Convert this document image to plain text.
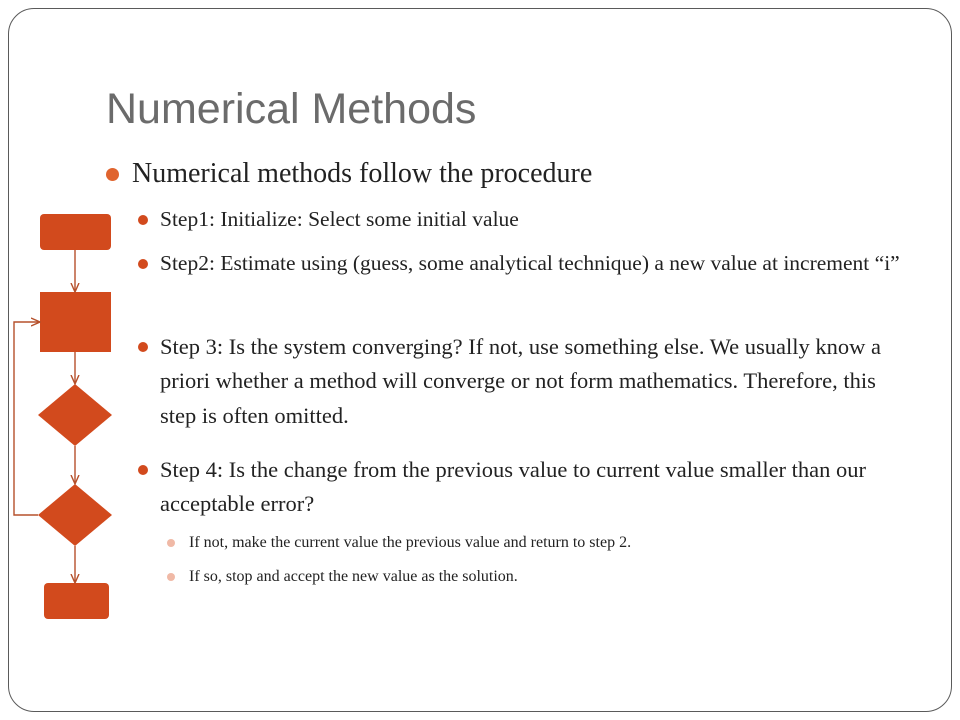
Numerical Methods
Numerical methods follow the procedure
Step1: Initialize: Select some initial value
Step2: Estimate using (guess, some analytical technique) a new value at increment “i”
Step 3: Is the system converging? If not, use something else. We usually know a priori whether a method will converge or not form mathematics. Therefore, this step is often omitted.
Step 4: Is the change from the previous value to current value smaller than our acceptable error?
If not, make the current value the previous value and return to step 2.
If so, stop and accept the new value as the solution.
